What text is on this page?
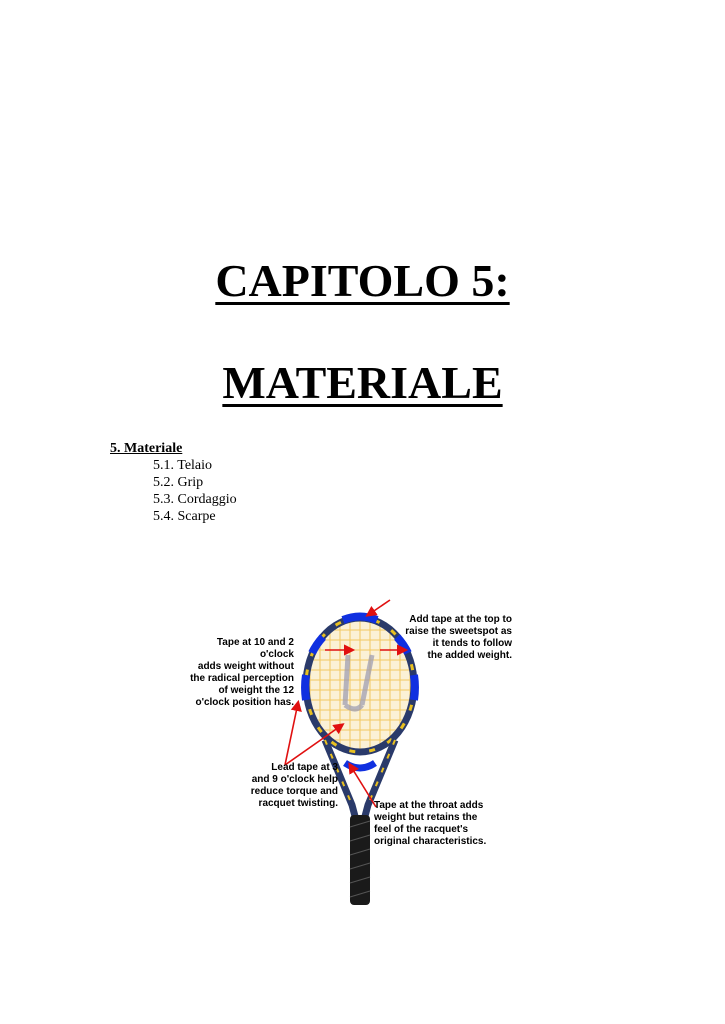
CAPITOLO 5:
MATERIALE
5. Materiale
5.1. Telaio
5.2. Grip
5.3. Cordaggio
5.4. Scarpe
Tape at 10 and 2 o'clock
adds weight without
the radical perception
of weight the 12
o'clock position has.
Add tape at the top to
raise the sweetspot as
it tends to follow
the added weight.
Lead tape at 3
and 9 o'clock help
reduce torque and
racquet twisting.	Tape at the throat adds
weight but retains the
feel of the racquet's
original characteristics.
